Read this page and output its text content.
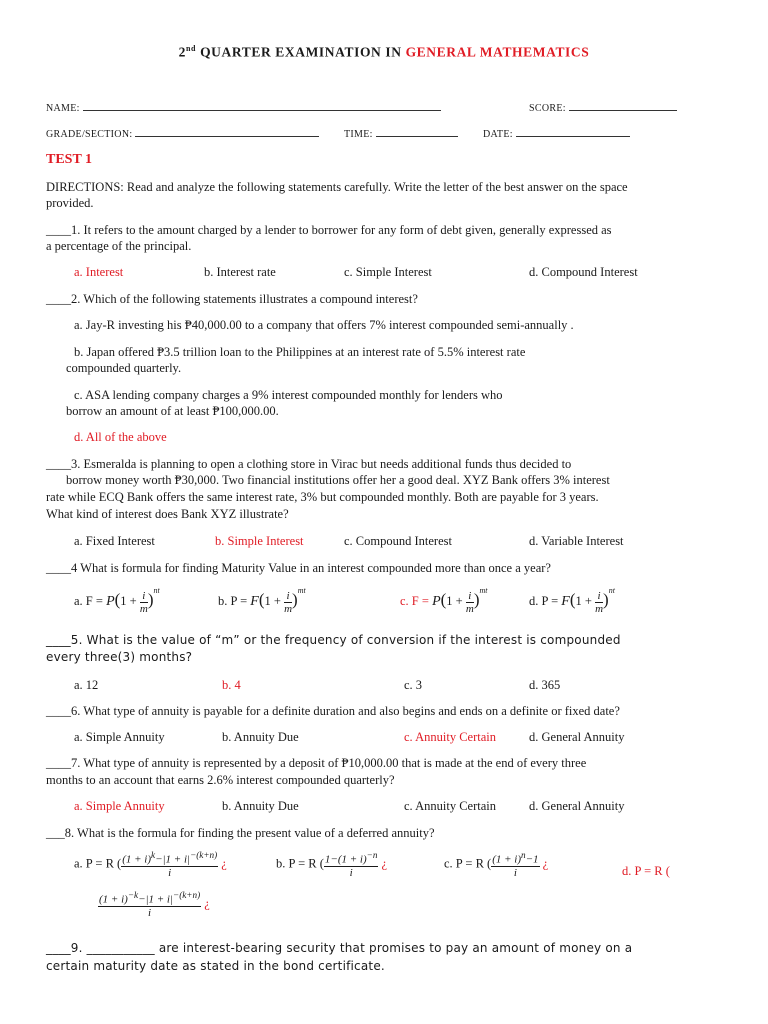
2nd QUARTER EXAMINATION IN GENERAL MATHEMATICS
NAME:	SCORE:
GRADE/SECTION:	TIME:	DATE:
TEST 1
DIRECTIONS: Read and analyze the following statements carefully. Write the letter of the best answer on the space
provided.
____1. It refers to the amount charged by a lender to borrower for any form of debt given, generally expressed as
a percentage of the principal.
a. Interest	b. Interest rate	c. Simple Interest	d. Compound Interest
____2. Which of the following statements illustrates a compound interest?
a. Jay-R investing his ₱40,000.00 to a company that offers 7% interest compounded semi-annually .
b. Japan offered ₱3.5 trillion loan to the Philippines at an interest rate of 5.5% interest rate
compounded quarterly.
c. ASA lending company charges a 9% interest compounded monthly for lenders who
borrow an amount of at least ₱100,000.00.
d. All of the above
____3. Esmeralda is planning to open a clothing store in Virac but needs additional funds thus decided to
borrow money worth ₱30,000. Two financial institutions offer her a good deal. XYZ Bank offers 3% interest
rate while ECQ Bank offers the same interest rate, 3% but compounded monthly. Both are payable for 3 years.
What kind of interest does Bank XYZ illustrate?
a. Fixed Interest	b. Simple Interest	c. Compound Interest	d. Variable Interest
____4 What is formula for finding Maturity Value in an interest compounded more than once a year?
a. $F = P(1 + \frac{i}{m} )^{nt}$
b. $P = F(1 + \frac{i}{m} )^{mt}$
c. $F = P(1 + \frac{i}{m} )^{mt}$
d. $P = F(1 + \frac{i}{m} )^{nt}$
____5. What is the value of “m” or the frequency of conversion if the interest is compounded
every three(3) months?
a. 12	b. 4	c. 3	d. 365
____6. What type of annuity is payable for a definite duration and also begins and ends on a definite or fixed date?
a. Simple Annuity	b. Annuity Due	c. Annuity Certain	d. General Annuity
____7. What type of annuity is represented by a deposit of ₱10,000.00 that is made at the end of every three
months to an account that earns 2.6% interest compounded quarterly?
a. Simple Annuity	b. Annuity Due	c. Annuity Certain	d. General Annuity
___8. What is the formula for finding the present value of a deferred annuity?
a. P = R ( $\frac{(1 + i)^k-|1 + i|^{-(k+n)}}{i}$ ¿	b. P = R ( $\frac{1-(1 + i)^{-n}}{i}$ ¿	c. P = R ( $\frac{(1 + i)^n-1}{i}$ ¿
d. P = R (
$\frac{(1 + i)^{-k}-|1 + i|^{-(k+n)}}{i}$ ¿
____9. ___________ are interest-bearing security that promises to pay an amount of money on a
certain maturity date as stated in the bond certificate.
